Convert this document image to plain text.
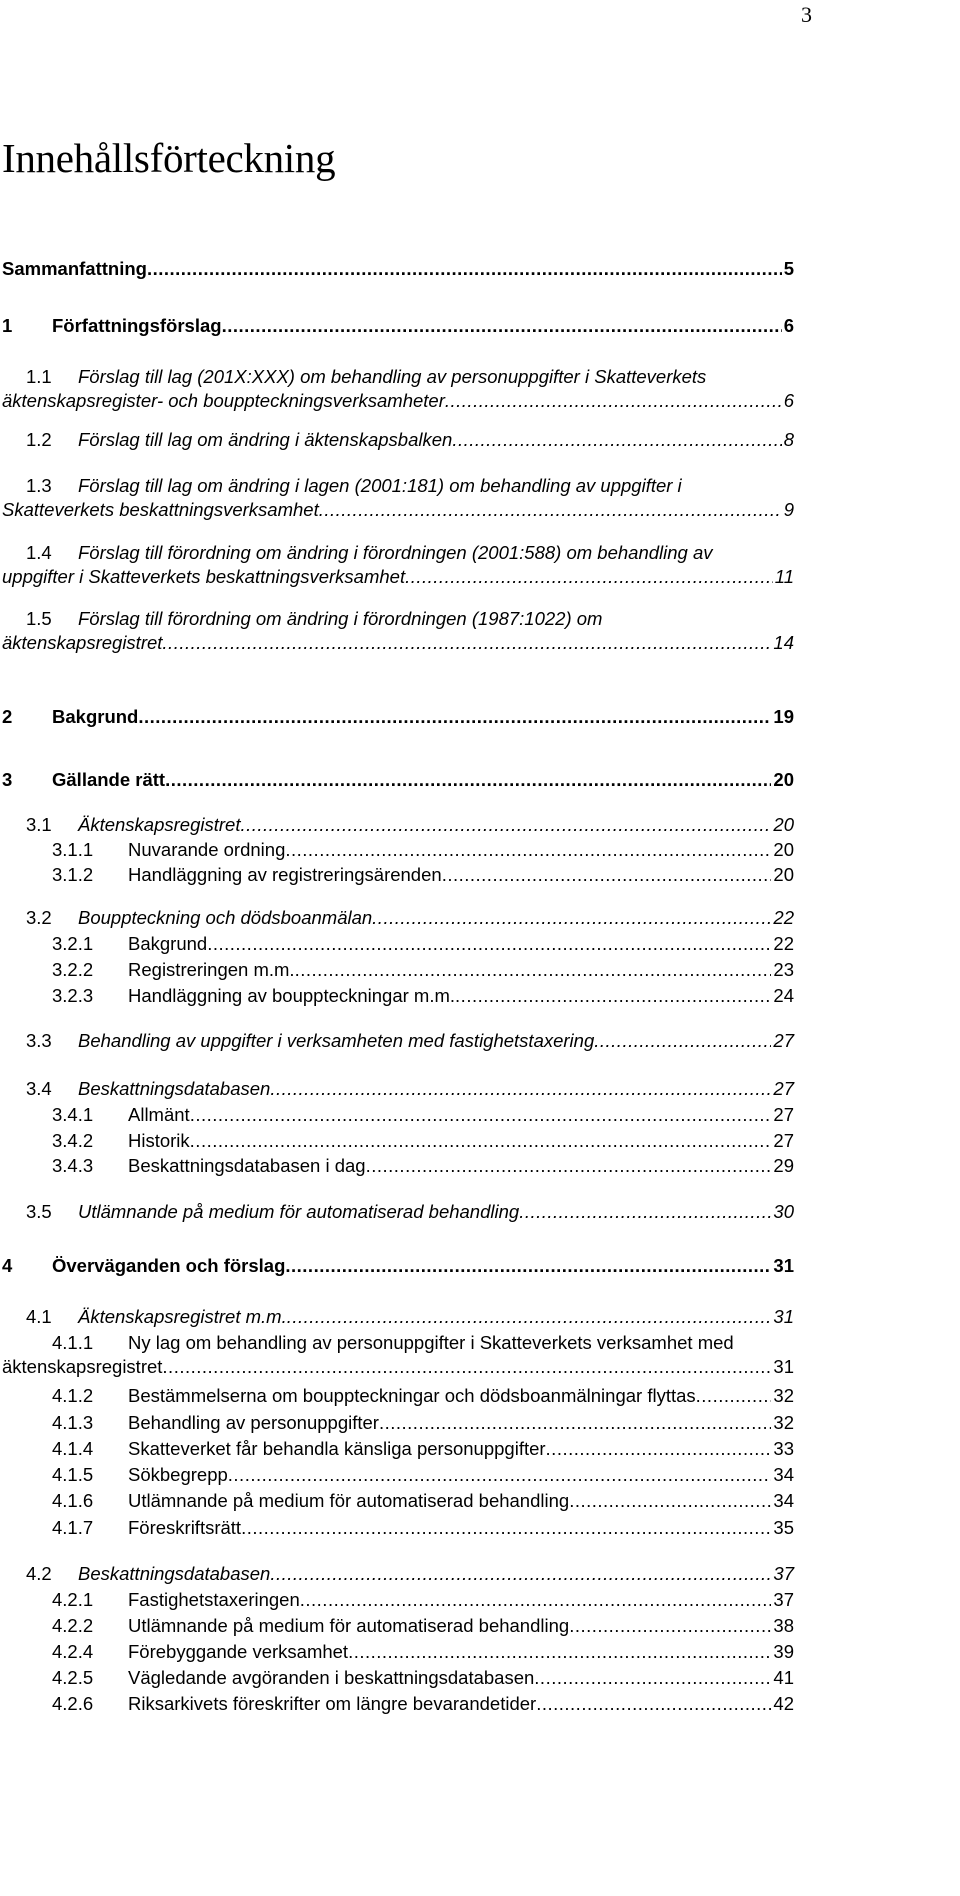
3
Innehållsförteckning
Sammanfattning .....	5
1	Författningsförslag .....	6
1.1	Förslag till lag (201X:XXX) om behandling av personuppgifter i Skatteverkets
äktenskapsregister- och bouppteckningsverksamheter .....	6
1.2	Förslag till lag om ändring i äktenskapsbalken .....	8
1.3	Förslag till lag om ändring i lagen (2001:181) om behandling av uppgifter i
Skatteverkets beskattningsverksamhet .....	9
1.4	Förslag till förordning om ändring i förordningen (2001:588) om behandling av
uppgifter i Skatteverkets beskattningsverksamhet .....	11
1.5	Förslag till förordning om ändring i förordningen (1987:1022) om
äktenskapsregistret .....	14
2	Bakgrund .....	19
3	Gällande rätt .....	20
3.1	Äktenskapsregistret .....	20
3.1.1	Nuvarande ordning .....	20
3.1.2	Handläggning av registreringsärenden .....	20
3.2	Bouppteckning och dödsboanmälan .....	22
3.2.1	Bakgrund .....	22
3.2.2	Registreringen m.m. .....	23
3.2.3	Handläggning av bouppteckningar m.m. .....	24
3.3	Behandling av uppgifter i verksamheten med fastighetstaxering .....	27
3.4	Beskattningsdatabasen .....	27
3.4.1	Allmänt .....	27
3.4.2	Historik .....	27
3.4.3	Beskattningsdatabasen i dag .....	29
3.5	Utlämnande på medium för automatiserad behandling .....	30
4	Överväganden och förslag .....	31
4.1	Äktenskapsregistret m.m. .....	31
4.1.1	Ny lag om behandling av personuppgifter i Skatteverkets verksamhet med
äktenskapsregistret .....	31
4.1.2	Bestämmelserna om bouppteckningar och dödsboanmälningar flyttas .....	32
4.1.3	Behandling av personuppgifter .....	32
4.1.4	Skatteverket får behandla känsliga personuppgifter .....	33
4.1.5	Sökbegrepp .....	34
4.1.6	Utlämnande på medium för automatiserad behandling .....	34
4.1.7	Föreskriftsrätt .....	35
4.2	Beskattningsdatabasen .....	37
4.2.1	Fastighetstaxeringen .....	37
4.2.2	Utlämnande på medium för automatiserad behandling .....	38
4.2.4	Förebyggande verksamhet .....	39
4.2.5	Vägledande avgöranden i beskattningsdatabasen .....	41
4.2.6	Riksarkivets föreskrifter om längre bevarandetider .....	42
